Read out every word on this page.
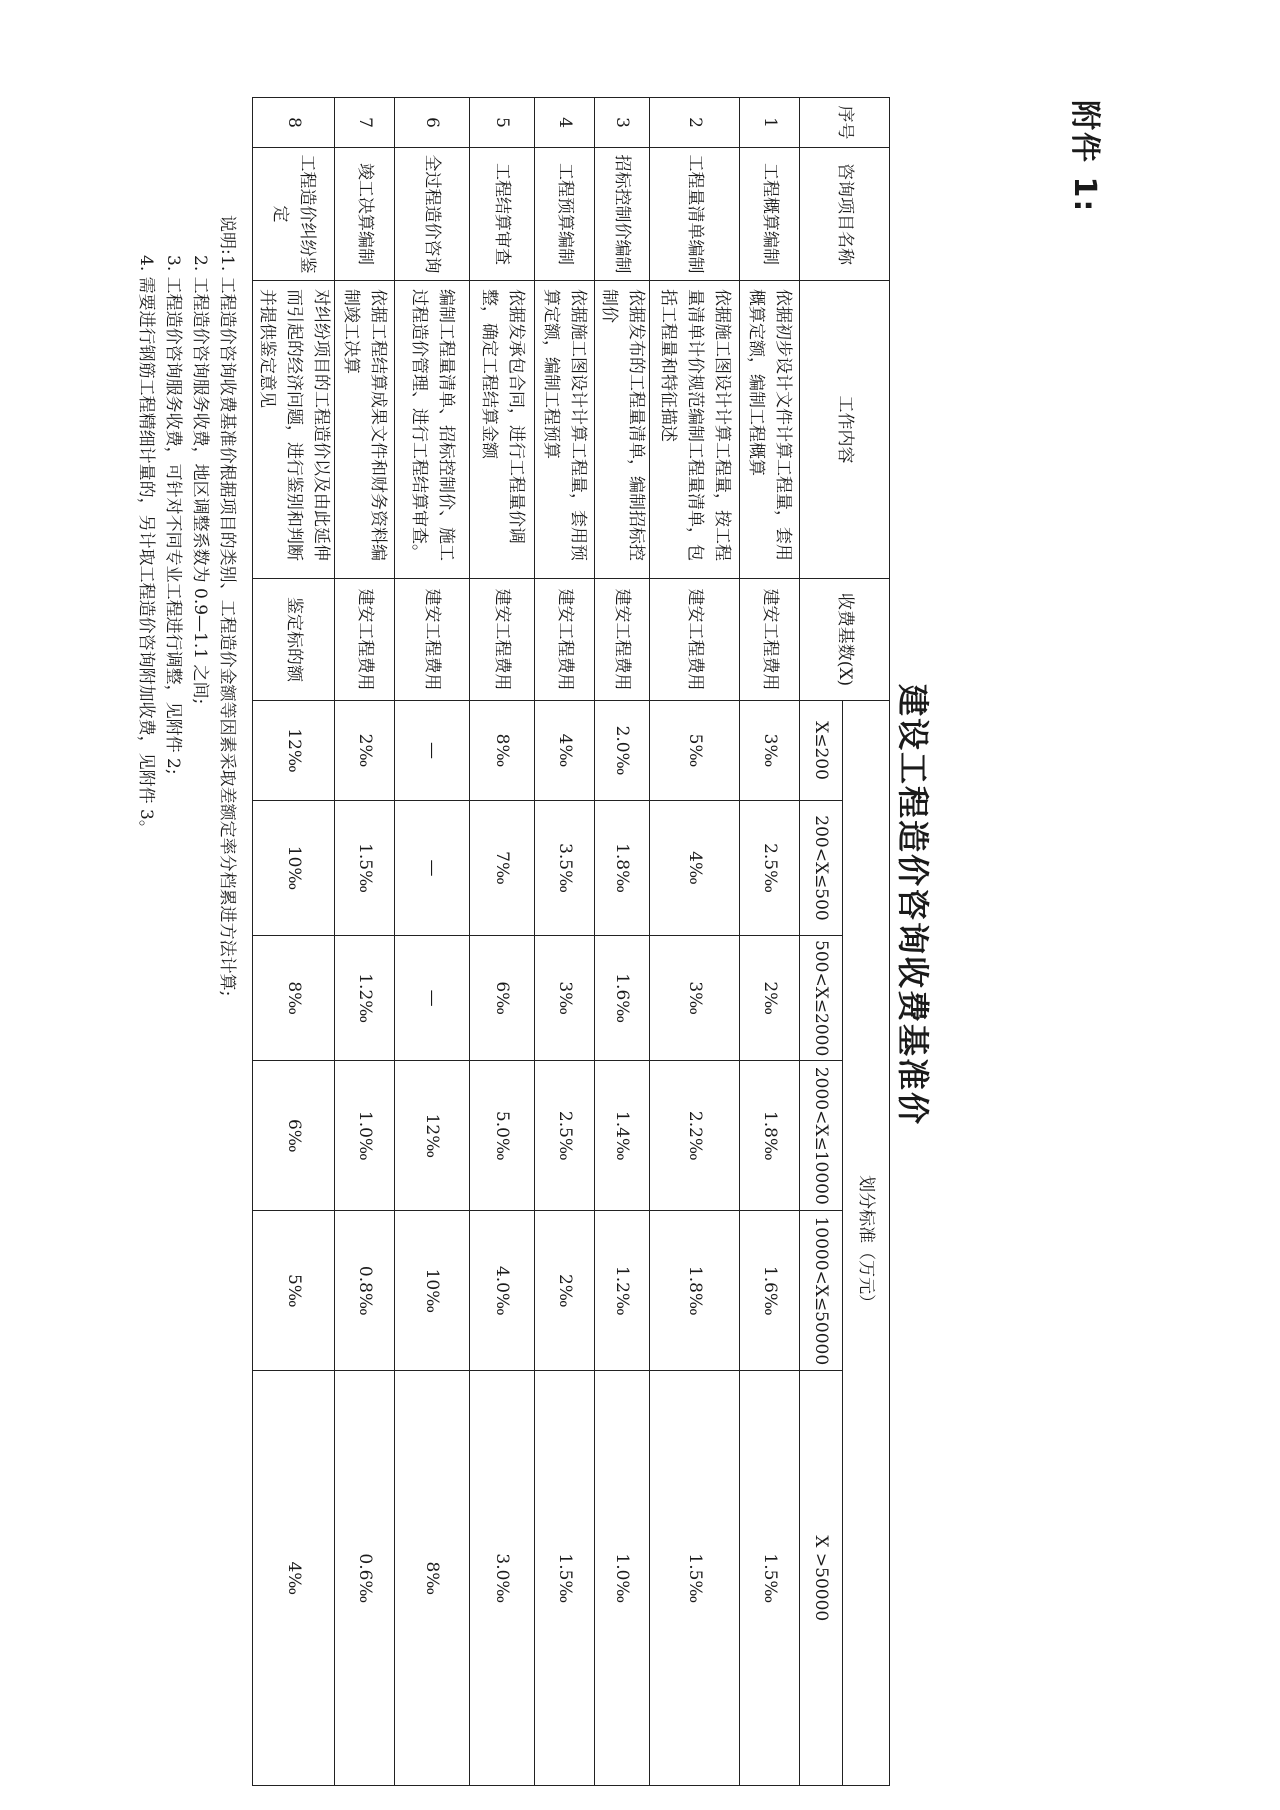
附件 1:
建设工程造价咨询收费基准价
序号	咨询项目名称	工作内容	收费基数(X)	划分标准（万元）					
				X≤200	200<X≤500	500<X≤2000	2000<X≤10000	10000<X≤50000	X >50000
1	工程概算编制	依据初步设计文件计算工程量，套用概算定额，编制工程概算	建安工程费用	3‰	2.5‰	2‰	1.8‰	1.6‰	1.5‰
2	工程量清单编制	依据施工图设计计算工程量，按工程量清单计价规范编制工程量清单，包括工程量和特征描述	建安工程费用	5‰	4‰	3‰	2.2‰	1.8‰	1.5‰
3	招标控制价编制	依据发布的工程量清单，编制招标控制价	建安工程费用	2.0‰	1.8‰	1.6‰	1.4‰	1.2‰	1.0‰
4	工程预算编制	依据施工图设计计算工程量，套用预算定额，编制工程预算	建安工程费用	4‰	3.5‰	3‰	2.5‰	2‰	1.5‰
5	工程结算审查	依据发承包合同，进行工程量价调整，确定工程结算金额	建安工程费用	8‰	7‰	6‰	5.0‰	4.0‰	3.0‰
6	全过程造价咨询	编制工程量清单、招标控制价、施工过程造价管理、进行工程结算审查。	建安工程费用	—	—	—	12‰	10‰	8‰
7	竣工决算编制	依据工程结算成果文件和财务资料编制竣工决算	建安工程费用	2‰	1.5‰	1.2‰	1.0‰	0.8‰	0.6‰
8	工程造价纠纷鉴定	对纠纷项目的工程造价以及由此延伸而引起的经济问题，进行鉴别和判断并提供鉴定意见	鉴定标的额	12‰	10‰	8‰	6‰	5‰	4‰
说明:
1. 工程造价咨询收费基准价根据项目的类别、工程造价金额等因素采取差额定率分档累进方法计算;
2. 工程造价咨询服务收费，地区调整系数为 0.9—1.1 之间;
3. 工程造价咨询服务收费，可针对不同专业工程进行调整，见附件 2;
4. 需要进行钢筋工程精细计量的，另计取工程造价咨询附加收费，见附件 3。
